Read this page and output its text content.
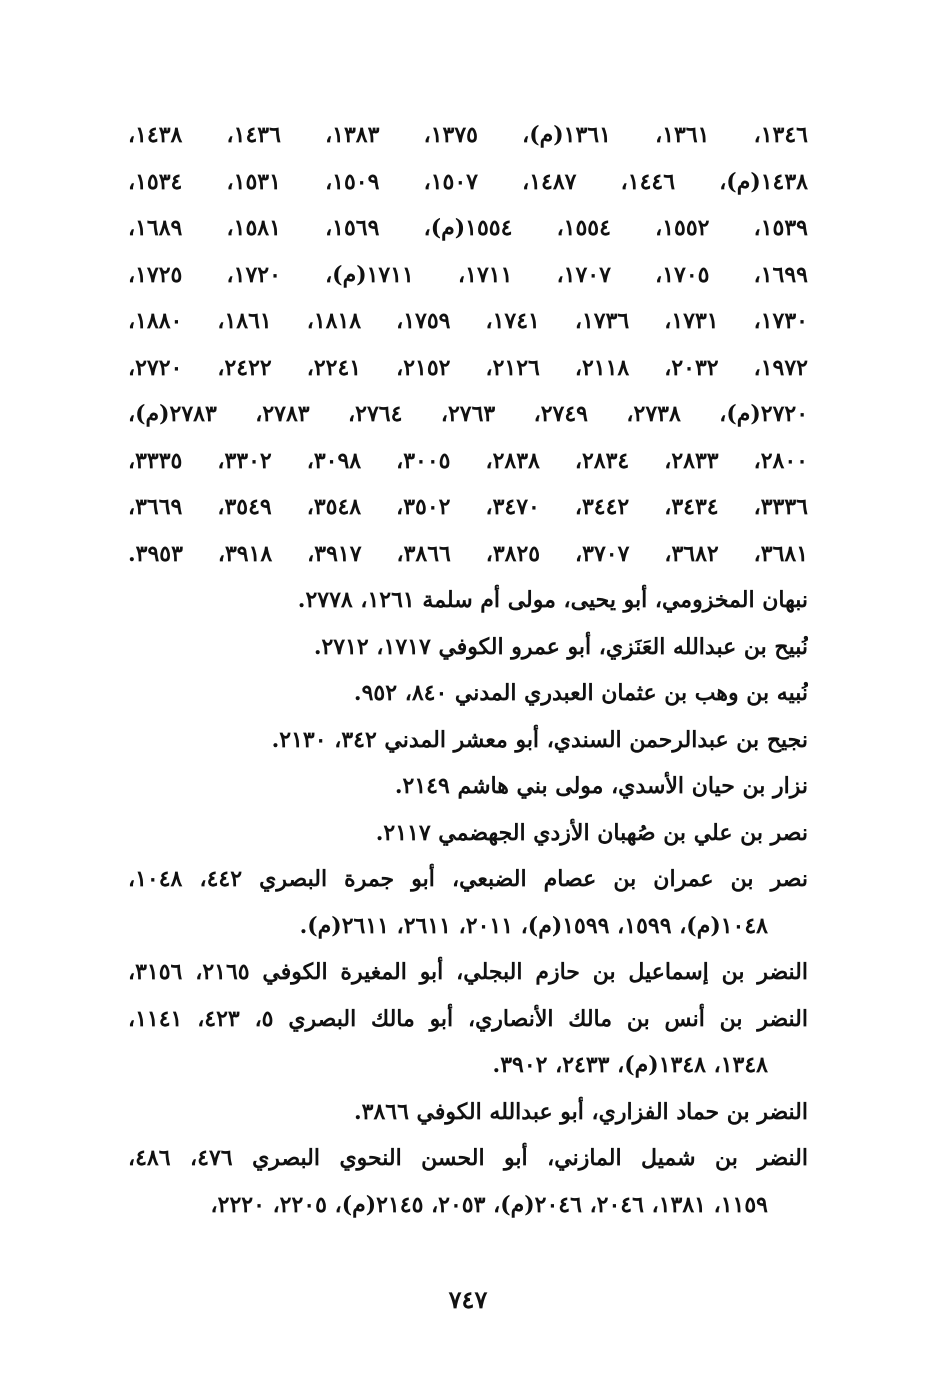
١٣٤٦، ١٣٦١، ١٣٦١(م)، ١٣٧٥، ١٣٨٣، ١٤٣٦، ١٤٣٨،
١٤٣٨(م)، ١٤٤٦، ١٤٨٧، ١٥٠٧، ١٥٠٩، ١٥٣١، ١٥٣٤،
١٥٣٩، ١٥٥٢، ١٥٥٤، ١٥٥٤(م)، ١٥٦٩، ١٥٨١، ١٦٨٩،
١٦٩٩، ١٧٠٥، ١٧٠٧، ١٧١١، ١٧١١(م)، ١٧٢٠، ١٧٢٥،
١٧٣٠، ١٧٣١، ١٧٣٦، ١٧٤١، ١٧٥٩، ١٨١٨، ١٨٦١، ١٨٨٠،
١٩٧٢، ٢٠٣٢، ٢١١٨، ٢١٢٦، ٢١٥٢، ٢٢٤١، ٢٤٢٢، ٢٧٢٠،
٢٧٢٠(م)، ٢٧٣٨، ٢٧٤٩، ٢٧٦٣، ٢٧٦٤، ٢٧٨٣، ٢٧٨٣(م)،
٢٨٠٠، ٢٨٣٣، ٢٨٣٤، ٢٨٣٨، ٣٠٠٥، ٣٠٩٨، ٣٣٠٢، ٣٣٣٥،
٣٣٣٦، ٣٤٣٤، ٣٤٤٢، ٣٤٧٠، ٣٥٠٢، ٣٥٤٨، ٣٥٤٩، ٣٦٦٩،
٣٦٨١، ٣٦٨٢، ٣٧٠٧، ٣٨٢٥، ٣٨٦٦، ٣٩١٧، ٣٩١٨، ٣٩٥٣.
نبهان المخزومي، أبو يحيى، مولى أم سلمة ١٢٦١، ٢٧٧٨.
نُبيح بن عبدالله العَنَزي، أبو عمرو الكوفي ١٧١٧، ٢٧١٢.
نُبيه بن وهب بن عثمان العبدري المدني ٨٤٠، ٩٥٢.
نجيح بن عبدالرحمن السندي، أبو معشر المدني ٣٤٢، ٢١٣٠.
نزار بن حيان الأسدي، مولى بني هاشم ٢١٤٩.
نصر بن علي بن صُهبان الأزدي الجهضمي ٢١١٧.
نصر بن عمران بن عصام الضبعي، أبو جمرة البصري ٤٤٢، ١٠٤٨،
١٠٤٨(م)، ١٥٩٩، ١٥٩٩(م)، ٢٠١١، ٢٦١١، ٢٦١١(م).
النضر بن إسماعيل بن حازم البجلي، أبو المغيرة الكوفي ٢١٦٥، ٣١٥٦،
النضر بن أنس بن مالك الأنصاري، أبو مالك البصري ٥، ٤٢٣، ١١٤١،
١٣٤٨، ١٣٤٨(م)، ٢٤٣٣، ٣٩٠٢.
النضر بن حماد الفزاري، أبو عبدالله الكوفي ٣٨٦٦.
النضر بن شميل المازني، أبو الحسن النحوي البصري ٤٧٦، ٤٨٦،
١١٥٩، ١٣٨١، ٢٠٤٦، ٢٠٤٦(م)، ٢٠٥٣، ٢١٤٥(م)، ٢٢٠٥، ٢٢٢٠،
٧٤٧
